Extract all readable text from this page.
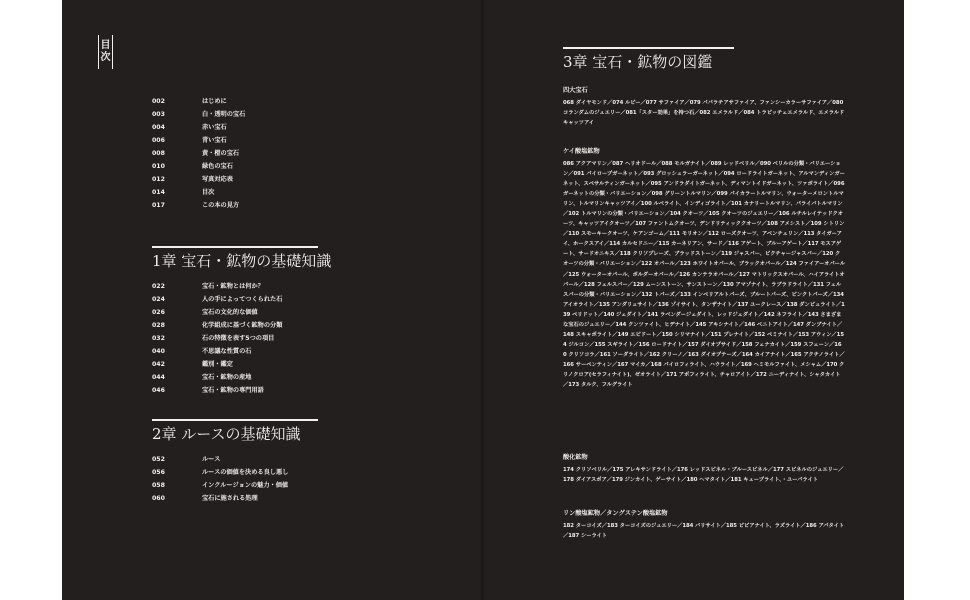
目
次
002	はじめに
003	白・透明の宝石
004	赤い宝石
006	青い宝石
008	黄・橙の宝石
010	緑色の宝石
012	写真対応表
014	目次
017	この本の見方
1章 宝石・鉱物の基礎知識
022	宝石・鉱物とは何か？
024	人の手によってつくられた石
026	宝石の文化的な価値
028	化学組成に基づく鉱物の分類
032	石の特徴を表す5つの項目
040	不思議な性質の石
042	鑑別・鑑定
044	宝石・鉱物の産地
046	宝石・鉱物の専門用語
2章 ルースの基礎知識
052	ルース
056	ルースの価値を決める良し悪し
058	インクルージョンの魅力・価値
060	宝石に施される処理
3章 宝石・鉱物の図鑑
四大宝石
068 ダイヤモンド／074 ルビー／077 サファイア／079 パパラチアサファイア、ファンシーカラーサファイア／080 コランダムのジュエリー／081「スター効果」を持つ石／082 エメラルド／084 トラピッチェエメラルド、エメラルドキャッツアイ
ケイ酸塩鉱物
086 アクアマリン／087 ヘリオドール／088 モルガナイト／089 レッドベリル／090 ベリルの分類・バリエーション／091 パイロープガーネット／093 グロッシュラーガーネット／094 ロードライトガーネット、アルマンディンガーネット、スペサルティンガーネット／095 アンドラダイトガーネット、ディマントイドガーネット、ツァボライト／096 ガーネットの分類・バリエーション／098 グリーントルマリン／099 パイカラートルマリン、ウォーターメロントルマリン、トルマリンキャッツアイ／100 ルベライト、インディゴライト／101 カナリートルマリン、パライバトルマリン／102 トルマリンの分類・バリエーション／104 クオーツ／105 クオーツのジュエリー／106 ルチルレイテッドクオーツ、キャッツアイクオーツ／107 ファントムクオーツ、デンドリティッククオーツ／108 アメシスト／109 シトリン／110 スモーキークオーツ、ケアンゴーム／111 モリオン／112 ローズクオーツ、アベンチュリン／113 タイガーアイ、ホークスアイ／114 カルセドニー／115 カーネリアン、サード／116 アゲート、ブルーアゲート／117 モスアゲート、サードオニキス／118 クリソプレーズ、ブラッドストーン／119 ジャスパー、ピクチャージャスパー／120 クオーツの分類・バリエーション／122 オパール／123 ホワイトオパール、ブラックオパール／124 ファイアーオパール／125 ウォーターオパール、ボルダーオパール／126 カンテラオパール／127 マトリックスオパール、ハイアライトオパール／128 フェルスパー／129 ムーンストーン、サンストーン／130 アマゾナイト、ラブラドライト／131 フェルスパーの分類・バリエーション／132 トパーズ／133 インペリアルトパーズ、ブルートパーズ、ピンクトパーズ／134 アイオライト／135 アンダリュサイト／136 ゾイサイト、タンザナイト／137 ユークレース／138 ダンビュライト／139 ペリドット／140 ジェダイト／141 ラベンダージェダイト、レッドジェダイト／142 ネフライト／143 さまざまな宝石のジュエリー／144 クンツァイト、ヒデナイト／145 アキシナイト／146 ベニトアイト／147 ダンブナイト／148 スキャポライト／149 エピドート／150 シリマナイト／151 プレナイト／152 ペミナイト／153 アウィン／154 ジルコン／155 スギライト／156 ロードナイト／157 ダイオプサイド／158 フェナカイト／159 スフェーン／160 クリソコラ／161 ソーダライト／162 クリーノ／163 ダイオプテーズ／164 カイアナイト／165 アクチノライト／166 サーペンティン／167 マイカ／168 パイロフィライト、ハウライト／169 ヘミモルファイト、メシャム／170 クリノクロア(セラフィナイト)、ゼオライト／171 アポフィライト、チャロアイト／172 ニーディナイト、シャタカイト／173 タルク、フルグライト
酸化鉱物
174 クリソベリル／175 アレキサンドライト／176 レッドスピネル・ブルースピネル／177 スピネルのジュエリー／178 ダイアスポア／179 ジンカイト、ゲーサイト／180 ヘマタイト／181 キュープライト、・ユーパライト
リン酸塩鉱物／タングステン酸塩鉱物
182 ターコイズ／183 ターコイズのジュエリー／184 バリサイト／185 ビビアナイト、ラズライト／186 アパタイト／187 シーライト
